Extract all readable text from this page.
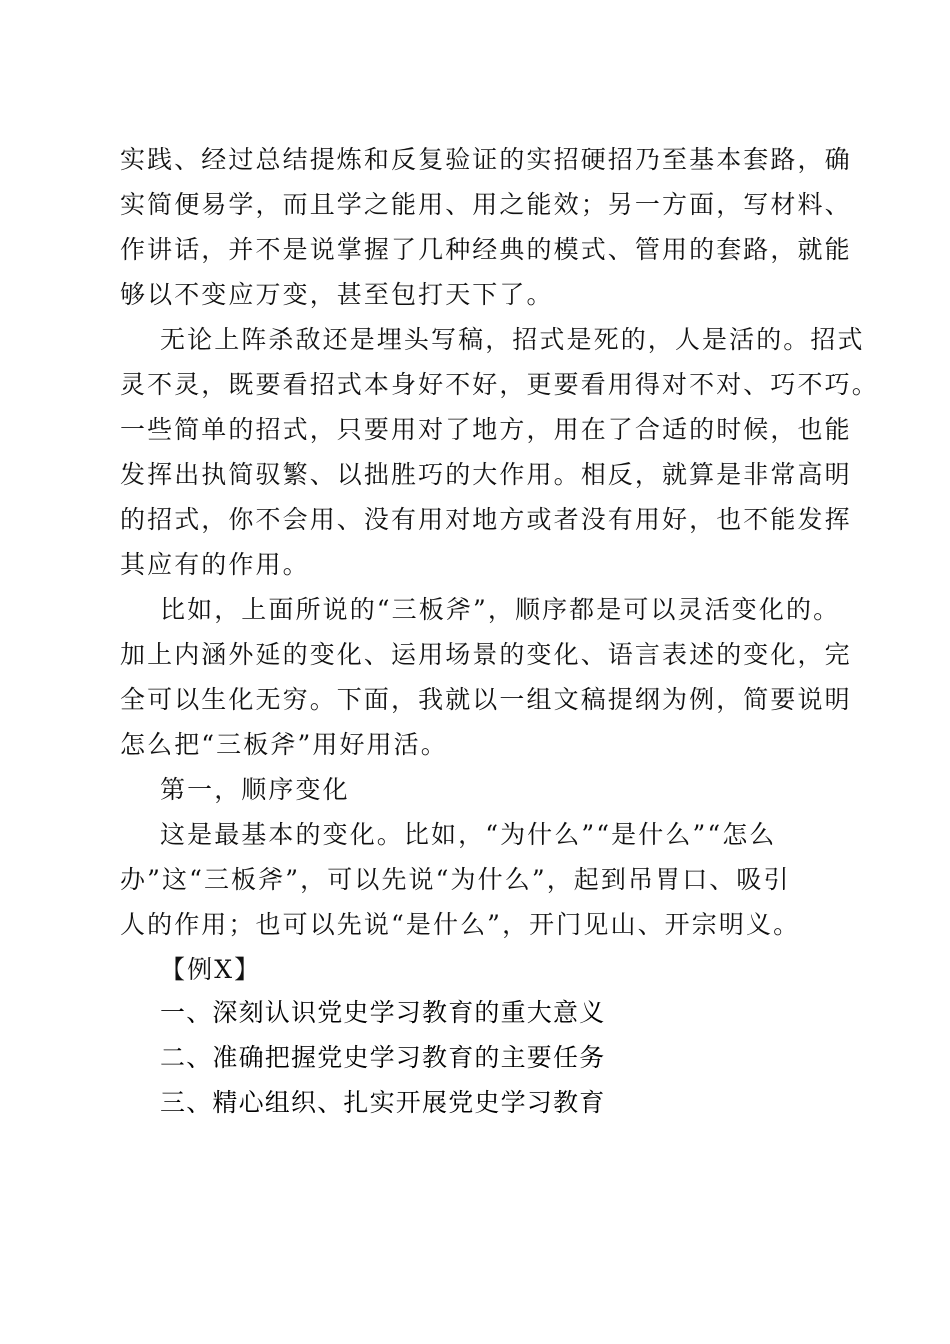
实践、经过总结提炼和反复验证的实招硬招乃至基本套路，确
实简便易学，而且学之能用、用之能效；另一方面，写材料、
作讲话，并不是说掌握了几种经典的模式、管用的套路，就能
够以不变应万变，甚至包打天下了。
无论上阵杀敌还是埋头写稿，招式是死的，人是活的。招式
灵不灵，既要看招式本身好不好，更要看用得对不对、巧不巧。
一些简单的招式，只要用对了地方，用在了合适的时候，也能
发挥出执简驭繁、以拙胜巧的大作用。相反，就算是非常高明
的招式，你不会用、没有用对地方或者没有用好，也不能发挥
其应有的作用。
比如，上面所说的“三板斧”，顺序都是可以灵活变化的。
加上内涵外延的变化、运用场景的变化、语言表述的变化，完
全可以生化无穷。下面，我就以一组文稿提纲为例，简要说明
怎么把“三板斧”用好用活。
第一，顺序变化
这是最基本的变化。比如，“为什么”“是什么”“怎么
办”这“三板斧”，可以先说“为什么”，起到吊胃口、吸引
人的作用；也可以先说“是什么”，开门见山、开宗明义。
【例X】
一、深刻认识党史学习教育的重大意义
二、准确把握党史学习教育的主要任务
三、精心组织、扎实开展党史学习教育
